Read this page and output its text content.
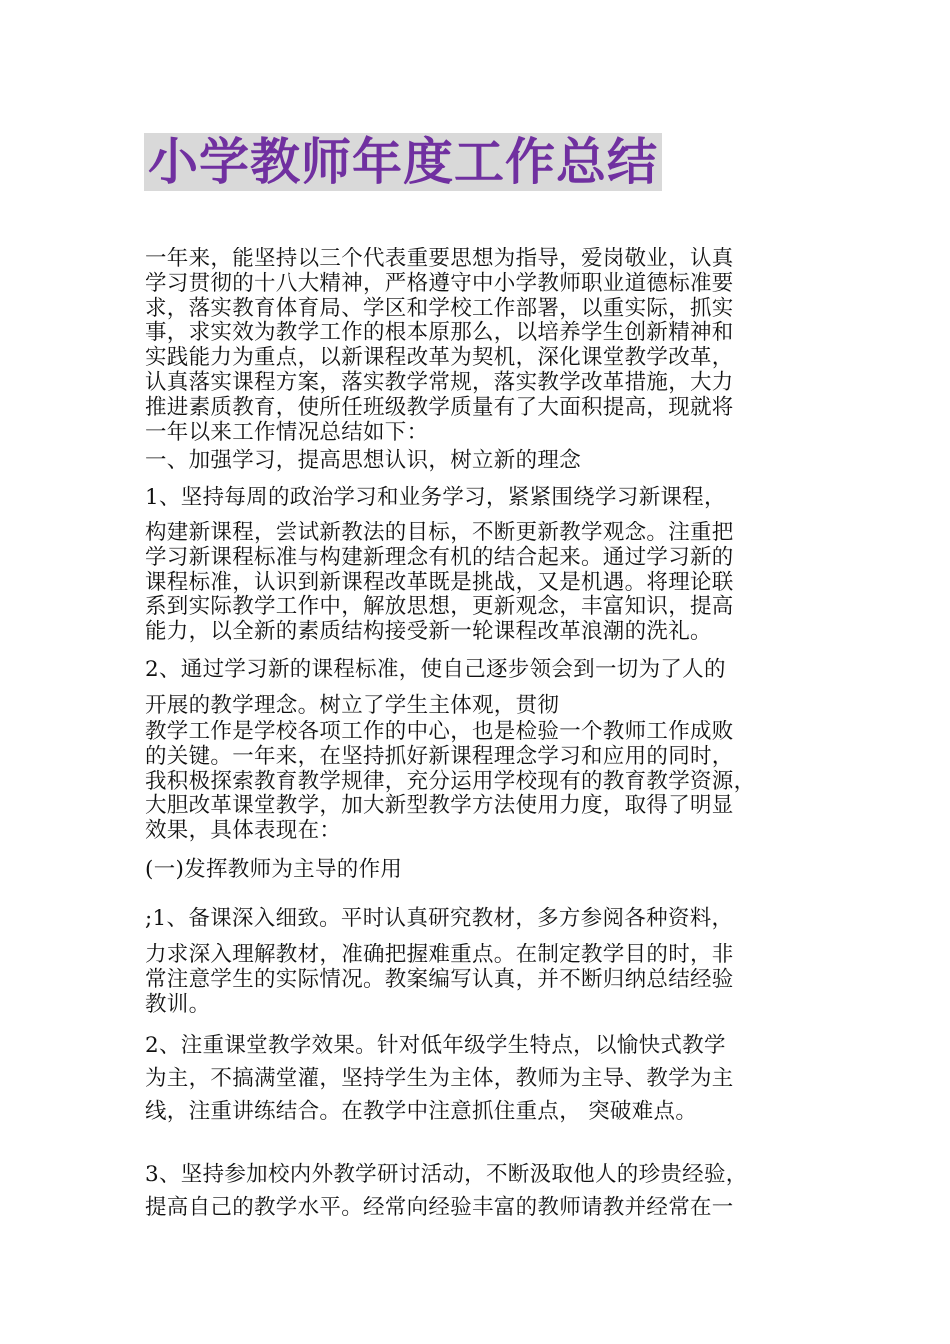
小学教师年度工作总结

一年来，能坚持以三个代表重要思想为指导，爱岗敬业，认真
学习贯彻的十八大精神，严格遵守中小学教师职业道德标准要
求，落实教育体育局、学区和学校工作部署，以重实际，抓实
事，求实效为教学工作的根本原那么，以培养学生创新精神和
实践能力为重点，以新课程改革为契机，深化课堂教学改革，
认真落实课程方案，落实教学常规，落实教学改革措施，大力
推进素质教育，使所任班级教学质量有了大面积提高，现就将
一年以来工作情况总结如下：

一、加强学习，提高思想认识，树立新的理念

1、坚持每周的政治学习和业务学习，紧紧围绕学习新课程，

构建新课程，尝试新教法的目标，不断更新教学观念。注重把
学习新课程标准与构建新理念有机的结合起来。通过学习新的
课程标准，认识到新课程改革既是挑战，又是机遇。将理论联
系到实际教学工作中，解放思想，更新观念，丰富知识，提高
能力，以全新的素质结构接受新一轮课程改革浪潮的洗礼。

2、通过学习新的课程标准，使自己逐步领会到一切为了人的

开展的教学理念。树立了学生主体观，贯彻

教学工作是学校各项工作的中心，也是检验一个教师工作成败
的关键。一年来，在坚持抓好新课程理念学习和应用的同时，
我积极探索教育教学规律，充分运用学校现有的教育教学资源，
大胆改革课堂教学，加大新型教学方法使用力度，取得了明显
效果，具体表现在：

(一)发挥教师为主导的作用

;1、备课深入细致。平时认真研究教材，多方参阅各种资料，

力求深入理解教材，准确把握难重点。在制定教学目的时，非
常注意学生的实际情况。教案编写认真，并不断归纳总结经验
教训。

2、注重课堂教学效果。针对低年级学生特点，以愉快式教学
为主，不搞满堂灌，坚持学生为主体，教师为主导、教学为主
线，注重讲练结合。在教学中注意抓住重点， 突破难点。

3、坚持参加校内外教学研讨活动，不断汲取他人的珍贵经验，
提高自己的教学水平。经常向经验丰富的教师请教并经常在一
